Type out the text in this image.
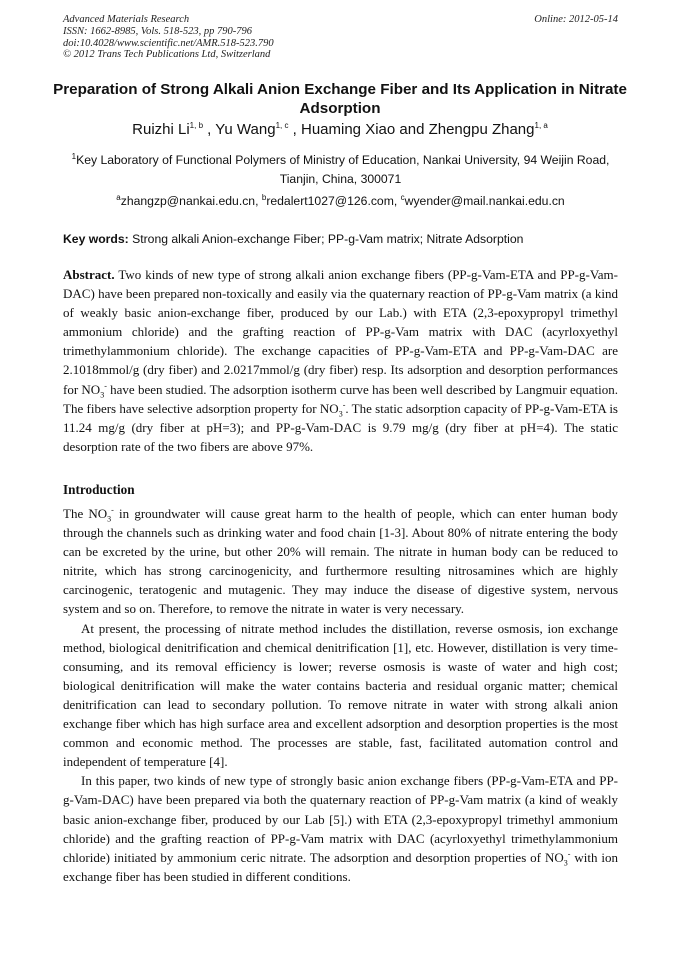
Advanced Materials Research
ISSN: 1662-8985, Vols. 518-523, pp 790-796
doi:10.4028/www.scientific.net/AMR.518-523.790
© 2012 Trans Tech Publications Ltd, Switzerland
Online: 2012-05-14
Preparation of Strong Alkali Anion Exchange Fiber and Its Application in Nitrate Adsorption
Ruizhi Li$^{1, b}$ , Yu Wang$^{1, c}$ , Huaming Xiao and Zhengpu Zhang$^{1, a}$
$^1$Key Laboratory of Functional Polymers of Ministry of Education, Nankai University, 94 Weijin Road,
Tianjin, China, 300071
$^a$zhangzp@nankai.edu.cn, $^b$redalert1027@126.com, $^c$wyender@mail.nankai.edu.cn
Key words: Strong alkali Anion-exchange Fiber; PP-g-Vam matrix; Nitrate Adsorption
Abstract. Two kinds of new type of strong alkali anion exchange fibers (PP-g-Vam-ETA and PP-g-Vam-DAC) have been prepared non-toxically and easily via the quaternary reaction of PP-g-Vam matrix (a kind of weakly basic anion-exchange fiber, produced by our Lab.) with ETA (2,3-epoxypropyl trimethyl ammonium chloride) and the grafting reaction of PP-g-Vam matrix with DAC (acyrloxyethyl trimethylammonium chloride). The exchange capacities of PP-g-Vam-ETA and PP-g-Vam-DAC are 2.1018mmol/g (dry fiber) and 2.0217mmol/g (dry fiber) resp. Its adsorption and desorption performances for $NO_3^-$ have been studied. The adsorption isotherm curve has been well described by Langmuir equation. The fibers have selective adsorption property for $NO_3^-$. The static adsorption capacity of PP-g-Vam-ETA is 11.24 mg/g (dry fiber at pH=3); and PP-g-Vam-DAC is 9.79 mg/g (dry fiber at pH=4). The static desorption rate of the two fibers are above 97%.
Introduction

The $NO_3^-$ in groundwater will cause great harm to the health of people, which can enter human body through the channels such as drinking water and food chain [1-3]. About 80% of nitrate entering the body can be excreted by the urine, but other 20% will remain. The nitrate in human body can be reduced to nitrite, which has strong carcinogenicity, and furthermore resulting nitrosamines which are highly carcinogenic, teratogenic and mutagenic. They may induce the disease of digestive system, nervous system and so on. Therefore, to remove the nitrate in water is very necessary.

At present, the processing of nitrate method includes the distillation, reverse osmosis, ion exchange method, biological denitrification and chemical denitrification [1], etc. However, distillation is very time-consuming, and its removal efficiency is lower; reverse osmosis is waste of water and high cost; biological denitrification will make the water contains bacteria and residual organic matter; chemical denitrification can lead to secondary pollution. To remove nitrate in water with strong alkali anion exchange fiber which has high surface area and excellent adsorption and desorption properties is the most common and economic method. The processes are stable, fast, facilitated automation control and independent of temperature [4].

In this paper, two kinds of new type of strongly basic anion exchange fibers (PP-g-Vam-ETA and PP-g-Vam-DAC) have been prepared via both the quaternary reaction of PP-g-Vam matrix (a kind of weakly basic anion-exchange fiber, produced by our Lab [5].) with ETA (2,3-epoxypropyl trimethyl ammonium chloride) and the grafting reaction of PP-g-Vam matrix with DAC (acyrloxyethyl trimethylammonium chloride) initiated by ammonium ceric nitrate. The adsorption and desorption properties of $NO_3^-$ with ion exchange fiber has been studied in different conditions.
